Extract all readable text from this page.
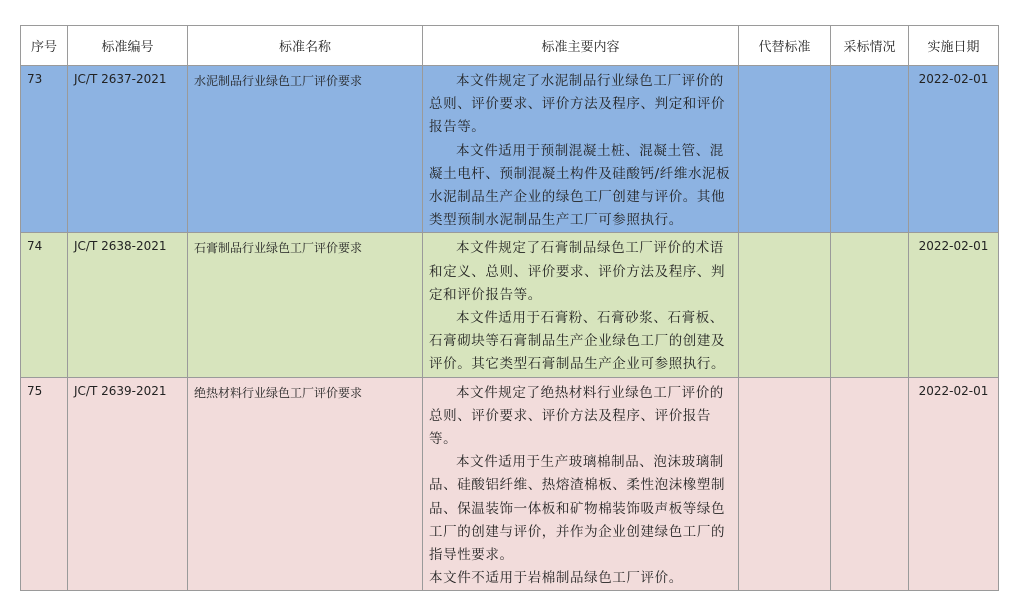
序号	标准编号	标准名称	标准主要内容	代替标准	采标情况	实施日期
73	JC/T 2637-2021	水泥制品行业绿色工厂评价要求	本文件规定了水泥制品行业绿色工厂评价的总则、评价要求、评价方法及程序、判定和评价报告等。

本文件适用于预制混凝土桩、混凝土管、混凝土电杆、预制混凝土构件及硅酸钙/纤维水泥板水泥制品生产企业的绿色工厂创建与评价。其他类型预制水泥制品生产工厂可参照执行。			2022-02-01
74	JC/T 2638-2021	石膏制品行业绿色工厂评价要求	本文件规定了石膏制品绿色工厂评价的术语和定义、总则、评价要求、评价方法及程序、判定和评价报告等。

本文件适用于石膏粉、石膏砂浆、石膏板、石膏砌块等石膏制品生产企业绿色工厂的创建及评价。其它类型石膏制品生产企业可参照执行。			2022-02-01
75	JC/T 2639-2021	绝热材料行业绿色工厂评价要求	本文件规定了绝热材料行业绿色工厂评价的总则、评价要求、评价方法及程序、评价报告等。

本文件适用于生产玻璃棉制品、泡沫玻璃制品、硅酸铝纤维、热熔渣棉板、柔性泡沫橡塑制品、保温装饰一体板和矿物棉装饰吸声板等绿色工厂的创建与评价，并作为企业创建绿色工厂的指导性要求。

本文件不适用于岩棉制品绿色工厂评价。			2022-02-01
